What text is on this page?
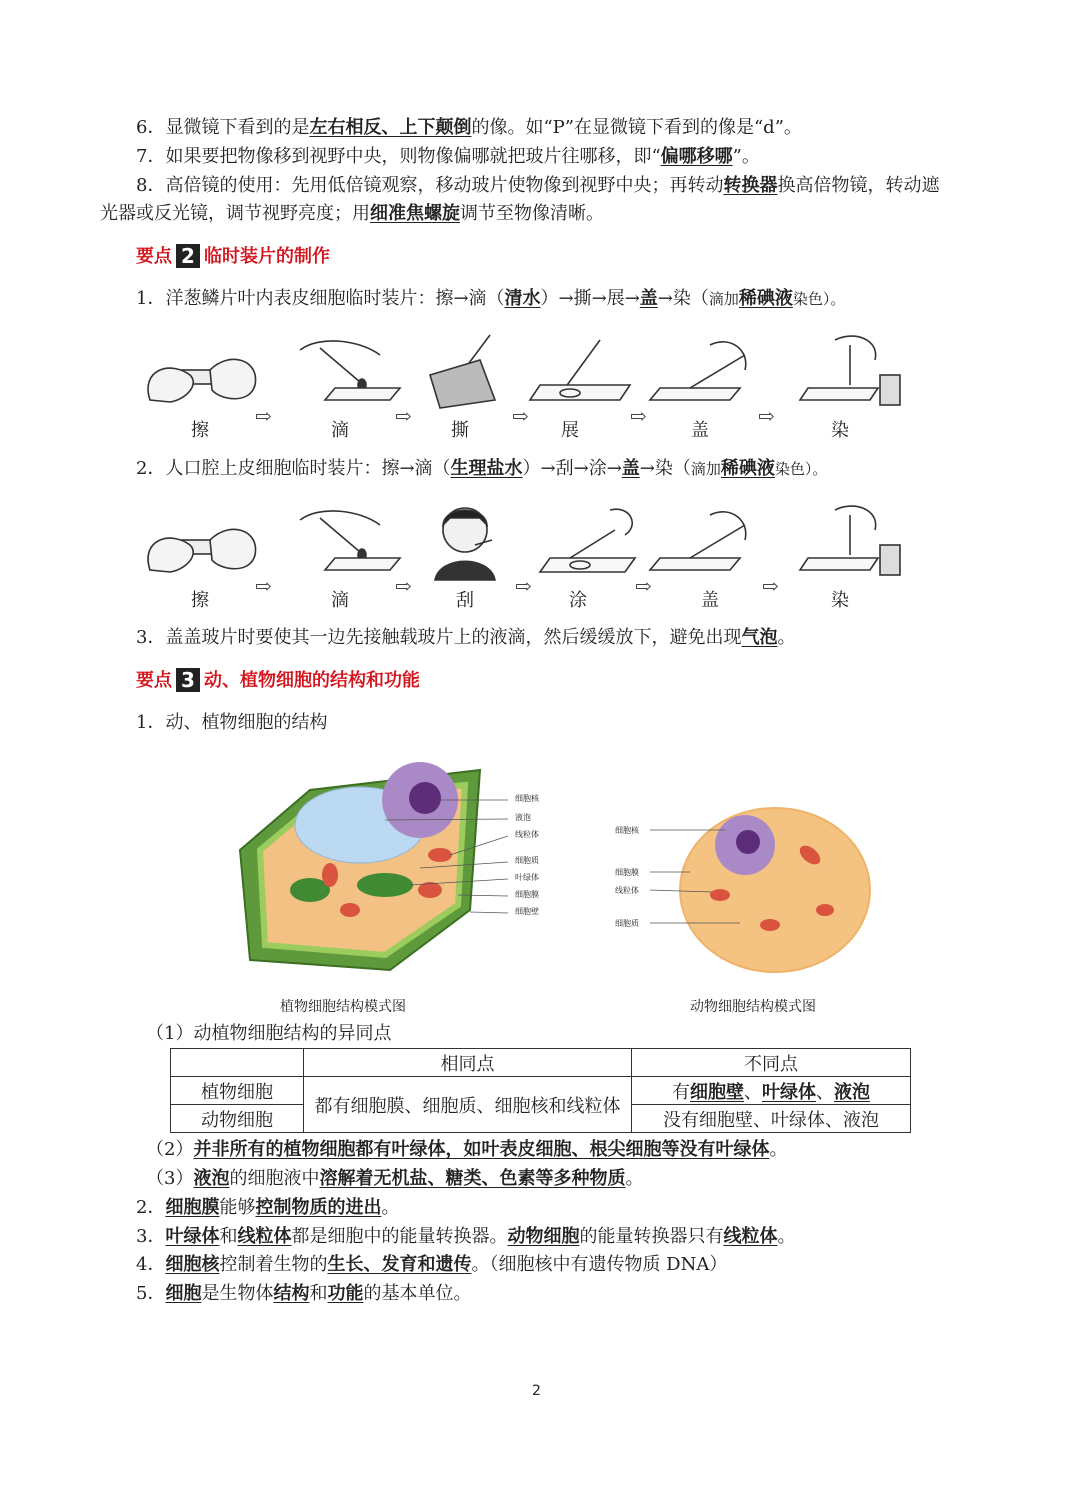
6．显微镜下看到的是左右相反、上下颠倒的像。如“P”在显微镜下看到的像是“d”。
7．如果要把物像移到视野中央，则物像偏哪就把玻片往哪移，即“偏哪移哪”。
8．高倍镜的使用：先用低倍镜观察，移动玻片使物像到视野中央；再转动转换器换高倍物镜，转动遮
光器或反光镜，调节视野亮度；用细准焦螺旋调节至物像清晰。
要点 2 临时装片的制作
1．洋葱鳞片叶内表皮细胞临时装片：擦→滴（清水）→撕→展→盖→染（滴加稀碘液染色）。
擦
⇨
滴
⇨
撕
⇨
展
⇨
盖
⇨
染
2．人口腔上皮细胞临时装片：擦→滴（生理盐水）→刮→涂→盖→染（滴加稀碘液染色）。
擦
⇨
滴
⇨
刮
⇨
涂
⇨
盖
⇨
染
3．盖盖玻片时要使其一边先接触载玻片上的液滴，然后缓缓放下，避免出现气泡。
要点 3 动、植物细胞的结构和功能
1．动、植物细胞的结构
细胞核
液泡
线粒体
细胞质
叶绿体
细胞膜
细胞壁
植物细胞结构模式图
细胞核
细胞膜
线粒体
细胞质
动物细胞结构模式图
（1）动植物细胞结构的异同点
	相同点	不同点
植物细胞	都有细胞膜、细胞质、细胞核和线粒体	有细胞壁、叶绿体、液泡
动物细胞		没有细胞壁、叶绿体、液泡
（2）并非所有的植物细胞都有叶绿体，如叶表皮细胞、根尖细胞等没有叶绿体。
（3）液泡的细胞液中溶解着无机盐、糖类、色素等多种物质。
2．细胞膜能够控制物质的进出。
3．叶绿体和线粒体都是细胞中的能量转换器。动物细胞的能量转换器只有线粒体。
4．细胞核控制着生物的生长、发育和遗传。（细胞核中有遗传物质 DNA）
5．细胞是生物体结构和功能的基本单位。
2
